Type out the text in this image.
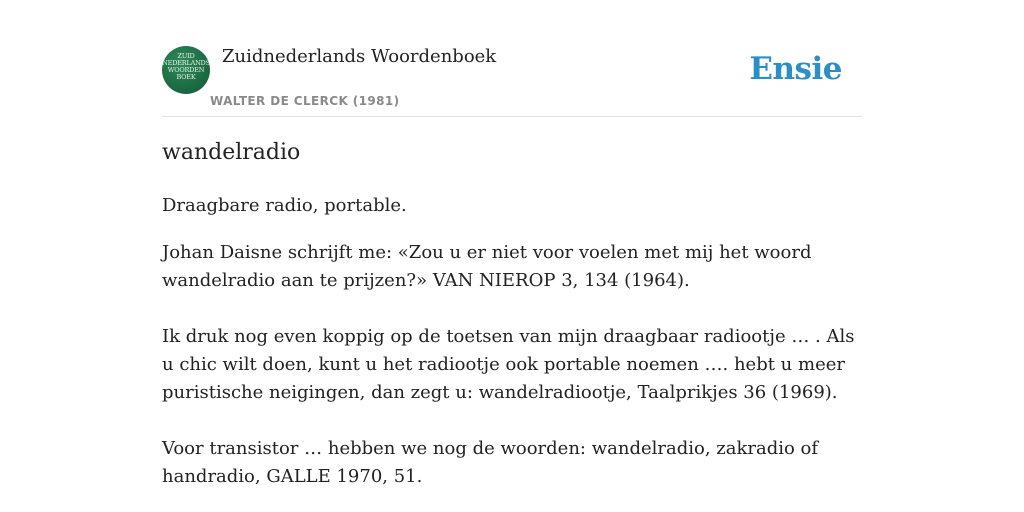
ZUID NEDERLANDS WOORDEN BOEK
Zuidnederlands Woordenboek
WALTER DE CLERCK (1981)
Ensie
wandelradio

Draagbare radio, portable.

Johan Daisne schrijft me: «Zou u er niet voor voelen met mij het woord wandelradio aan te prijzen?» VAN NIEROP 3, 134 (1964).

Ik druk nog even koppig op de toetsen van mijn draagbaar radiootje … . Als u chic wilt doen, kunt u het radiootje ook portable noemen …. hebt u meer puristische neigingen, dan zegt u: wandelradiootje, Taalprikjes 36 (1969).

Voor transistor … hebben we nog de woorden: wandelradio, zakradio of handradio, GALLE 1970, 51.
